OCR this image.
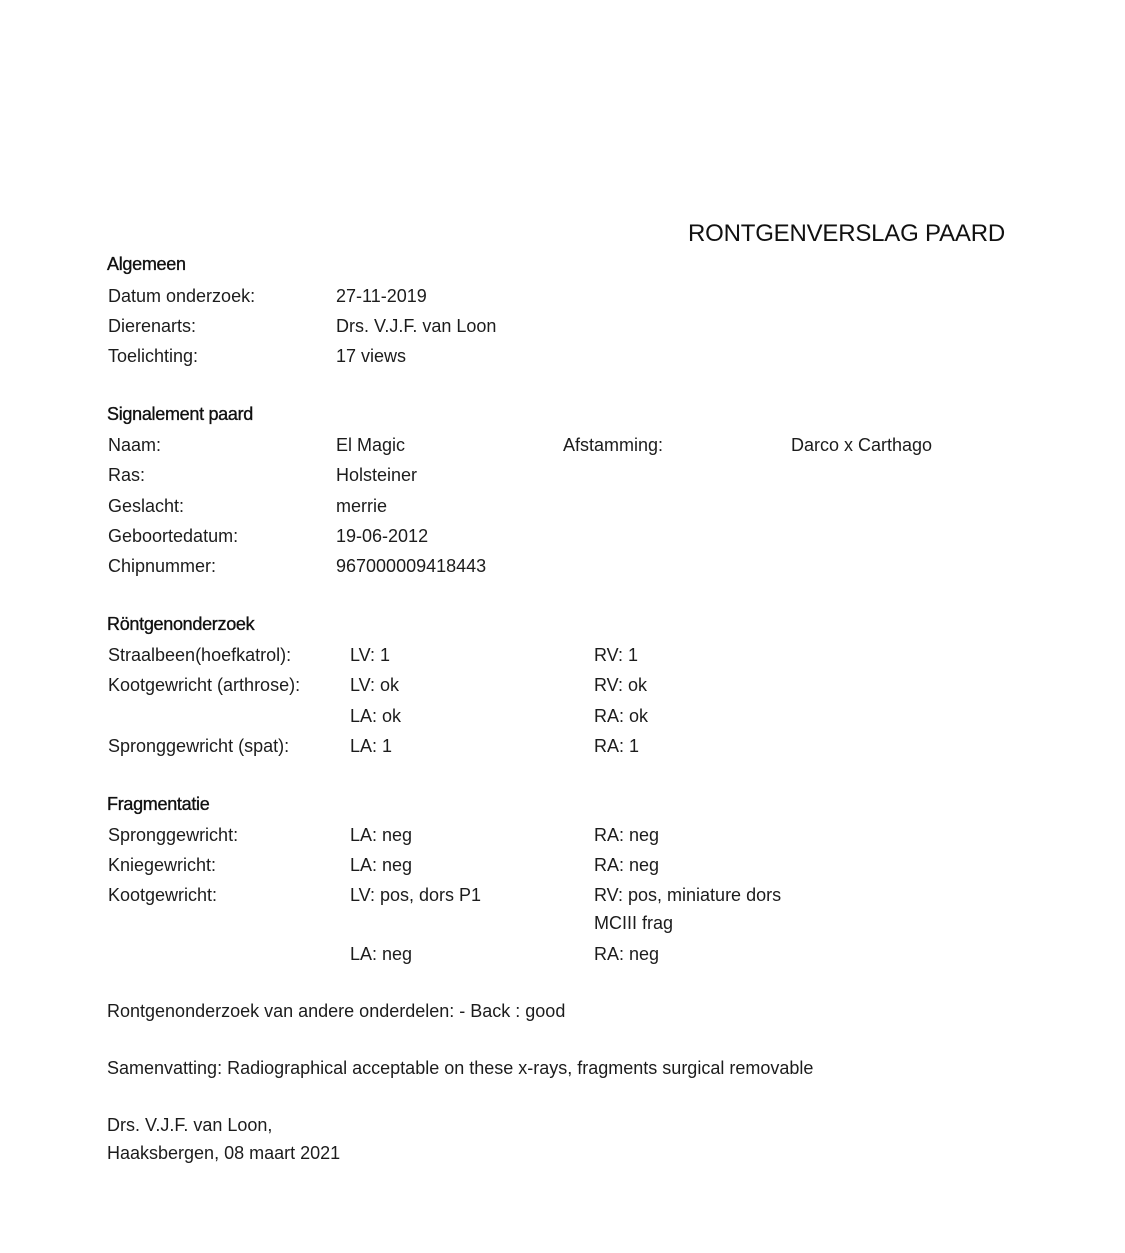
RONTGENVERSLAG PAARD
Algemeen
Datum onderzoek:	27-11-2019
Dierenarts:	Drs. V.J.F. van Loon
Toelichting:	17 views
Signalement paard
Naam:	El Magic	Afstamming:	Darco x Carthago
Ras:	Holsteiner
Geslacht:	merrie
Geboortedatum:	19-06-2012
Chipnummer:	967000009418443
Röntgenonderzoek
Straalbeen(hoefkatrol):	LV: 1	RV: 1
Kootgewricht (arthrose):	LV: ok	RV: ok
LA: ok	RA: ok
Spronggewricht (spat):	LA: 1	RA: 1
Fragmentatie
Spronggewricht:	LA: neg	RA: neg
Kniegewricht:	LA: neg	RA: neg
Kootgewricht:	LV: pos, dors P1	RV: pos, miniature dors
MCIII frag
LA: neg	RA: neg
Rontgenonderzoek van andere onderdelen: - Back : good
Samenvatting: Radiographical acceptable on these x-rays, fragments surgical removable
Drs. V.J.F. van Loon,
Haaksbergen, 08 maart 2021
